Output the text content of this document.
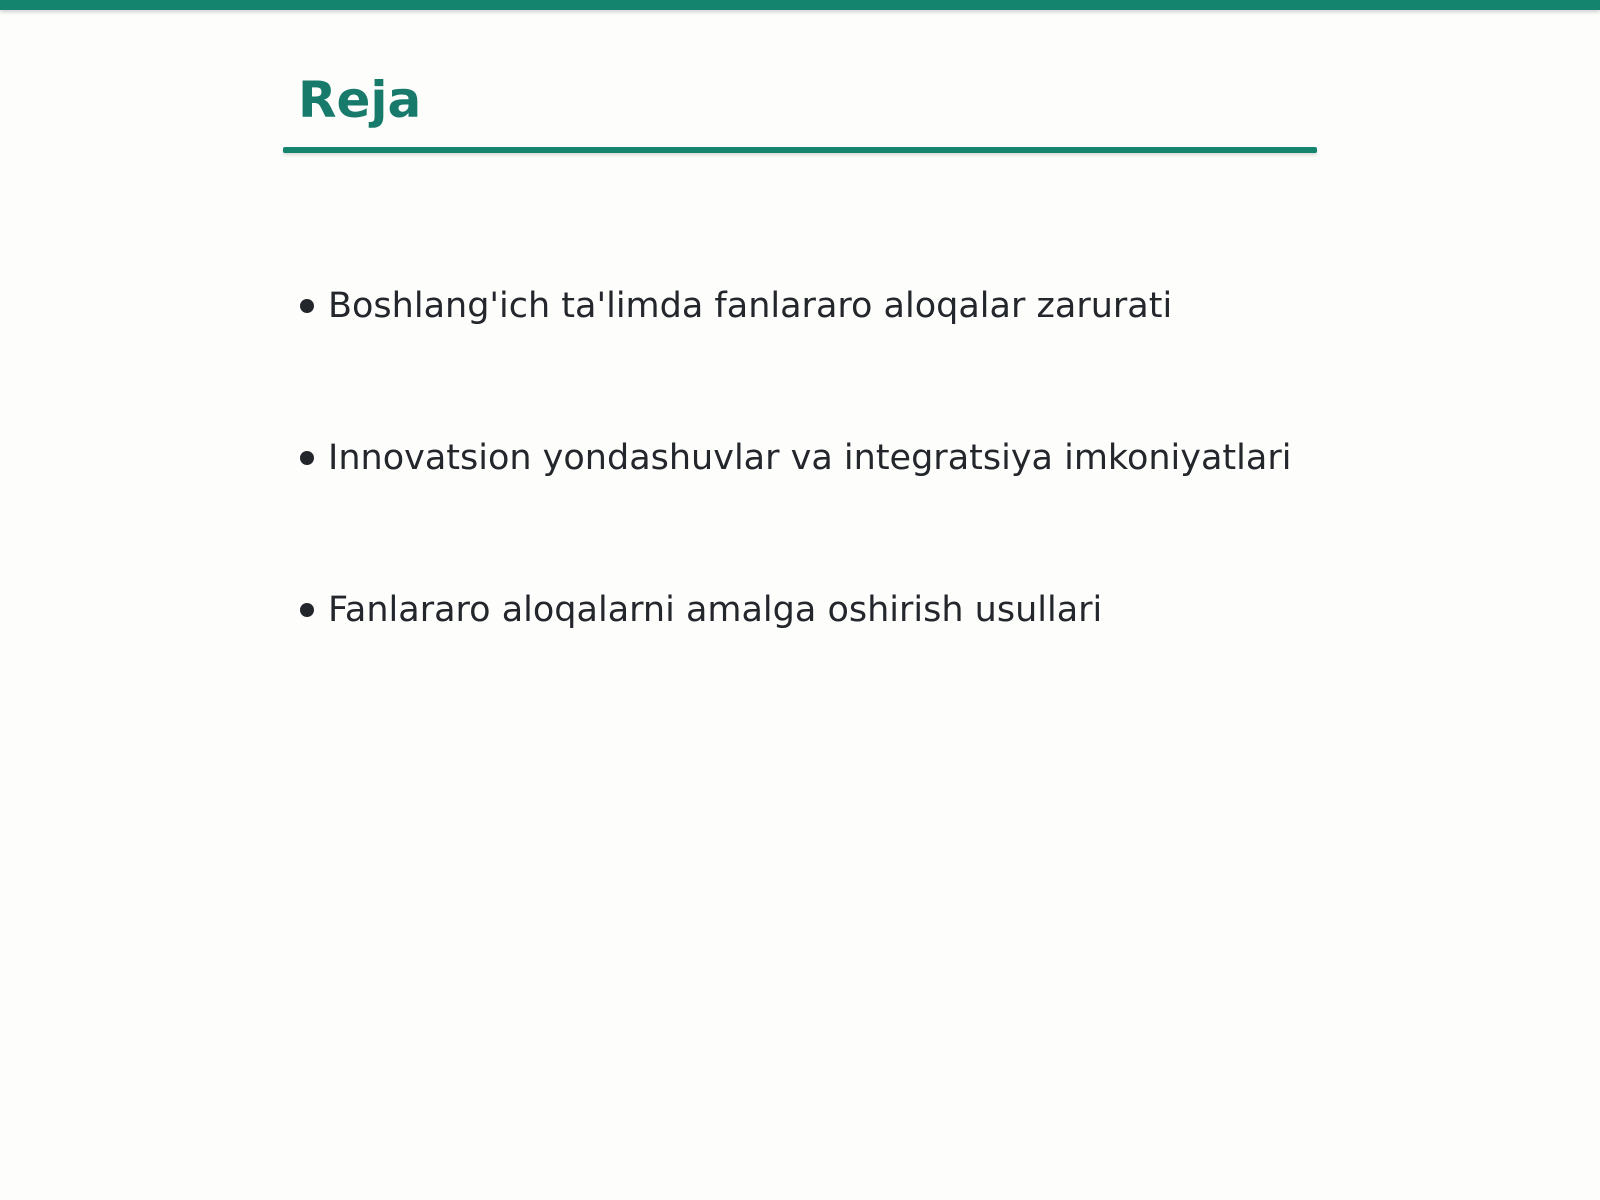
Reja
Boshlang'ich ta'limda fanlararo aloqalar zarurati
Innovatsion yondashuvlar va integratsiya imkoniyatlari
Fanlararo aloqalarni amalga oshirish usullari
